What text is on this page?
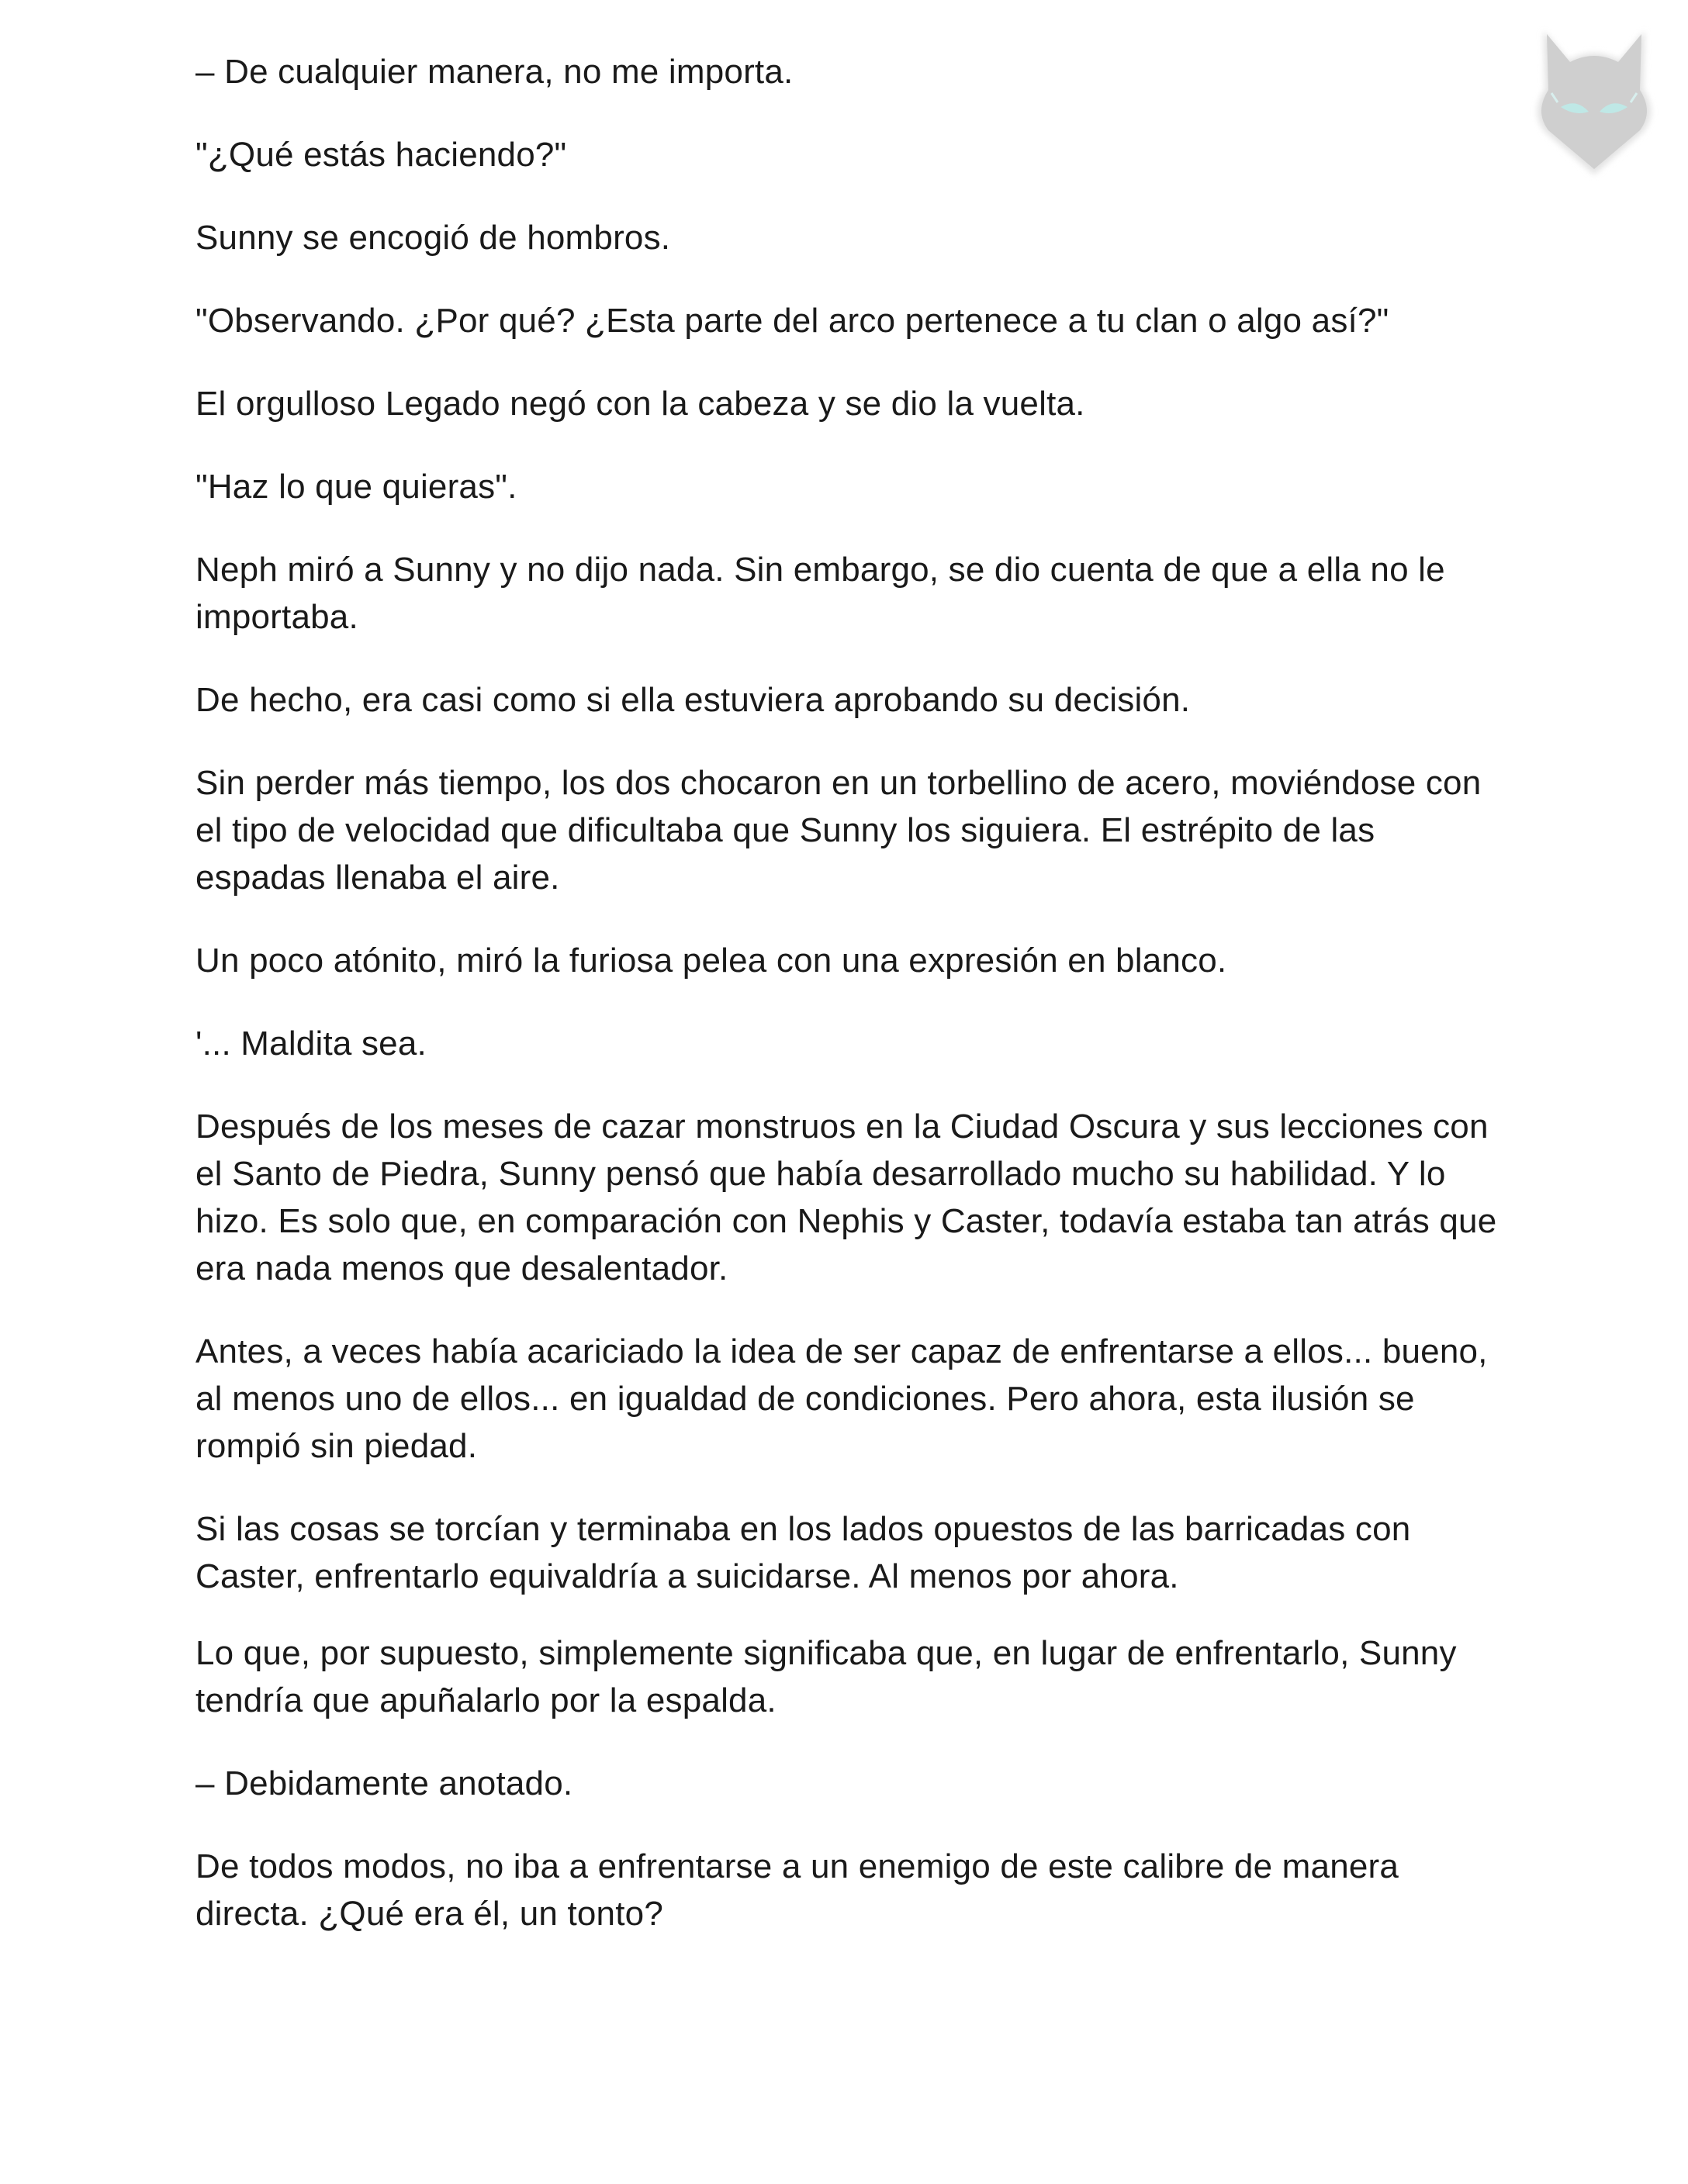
– De cualquier manera, no me importa.

"¿Qué estás haciendo?"

Sunny se encogió de hombros.

"Observando. ¿Por qué? ¿Esta parte del arco pertenece a tu clan o algo así?"

El orgulloso Legado negó con la cabeza y se dio la vuelta.

"Haz lo que quieras".

Neph miró a Sunny y no dijo nada. Sin embargo, se dio cuenta de que a ella no le importaba.

De hecho, era casi como si ella estuviera aprobando su decisión.

Sin perder más tiempo, los dos chocaron en un torbellino de acero, moviéndose con el tipo de velocidad que dificultaba que Sunny los siguiera. El estrépito de las espadas llenaba el aire.

Un poco atónito, miró la furiosa pelea con una expresión en blanco.

'... Maldita sea.

Después de los meses de cazar monstruos en la Ciudad Oscura y sus lecciones con el Santo de Piedra, Sunny pensó que había desarrollado mucho su habilidad. Y lo hizo. Es solo que, en comparación con Nephis y Caster, todavía estaba tan atrás que era nada menos que desalentador.

Antes, a veces había acariciado la idea de ser capaz de enfrentarse a ellos... bueno, al menos uno de ellos... en igualdad de condiciones. Pero ahora, esta ilusión se rompió sin piedad.

Si las cosas se torcían y terminaba en los lados opuestos de las barricadas con Caster, enfrentarlo equivaldría a suicidarse. Al menos por ahora.

Lo que, por supuesto, simplemente significaba que, en lugar de enfrentarlo, Sunny tendría que apuñalarlo por la espalda.

– Debidamente anotado.

De todos modos, no iba a enfrentarse a un enemigo de este calibre de manera directa. ¿Qué era él, un tonto?
